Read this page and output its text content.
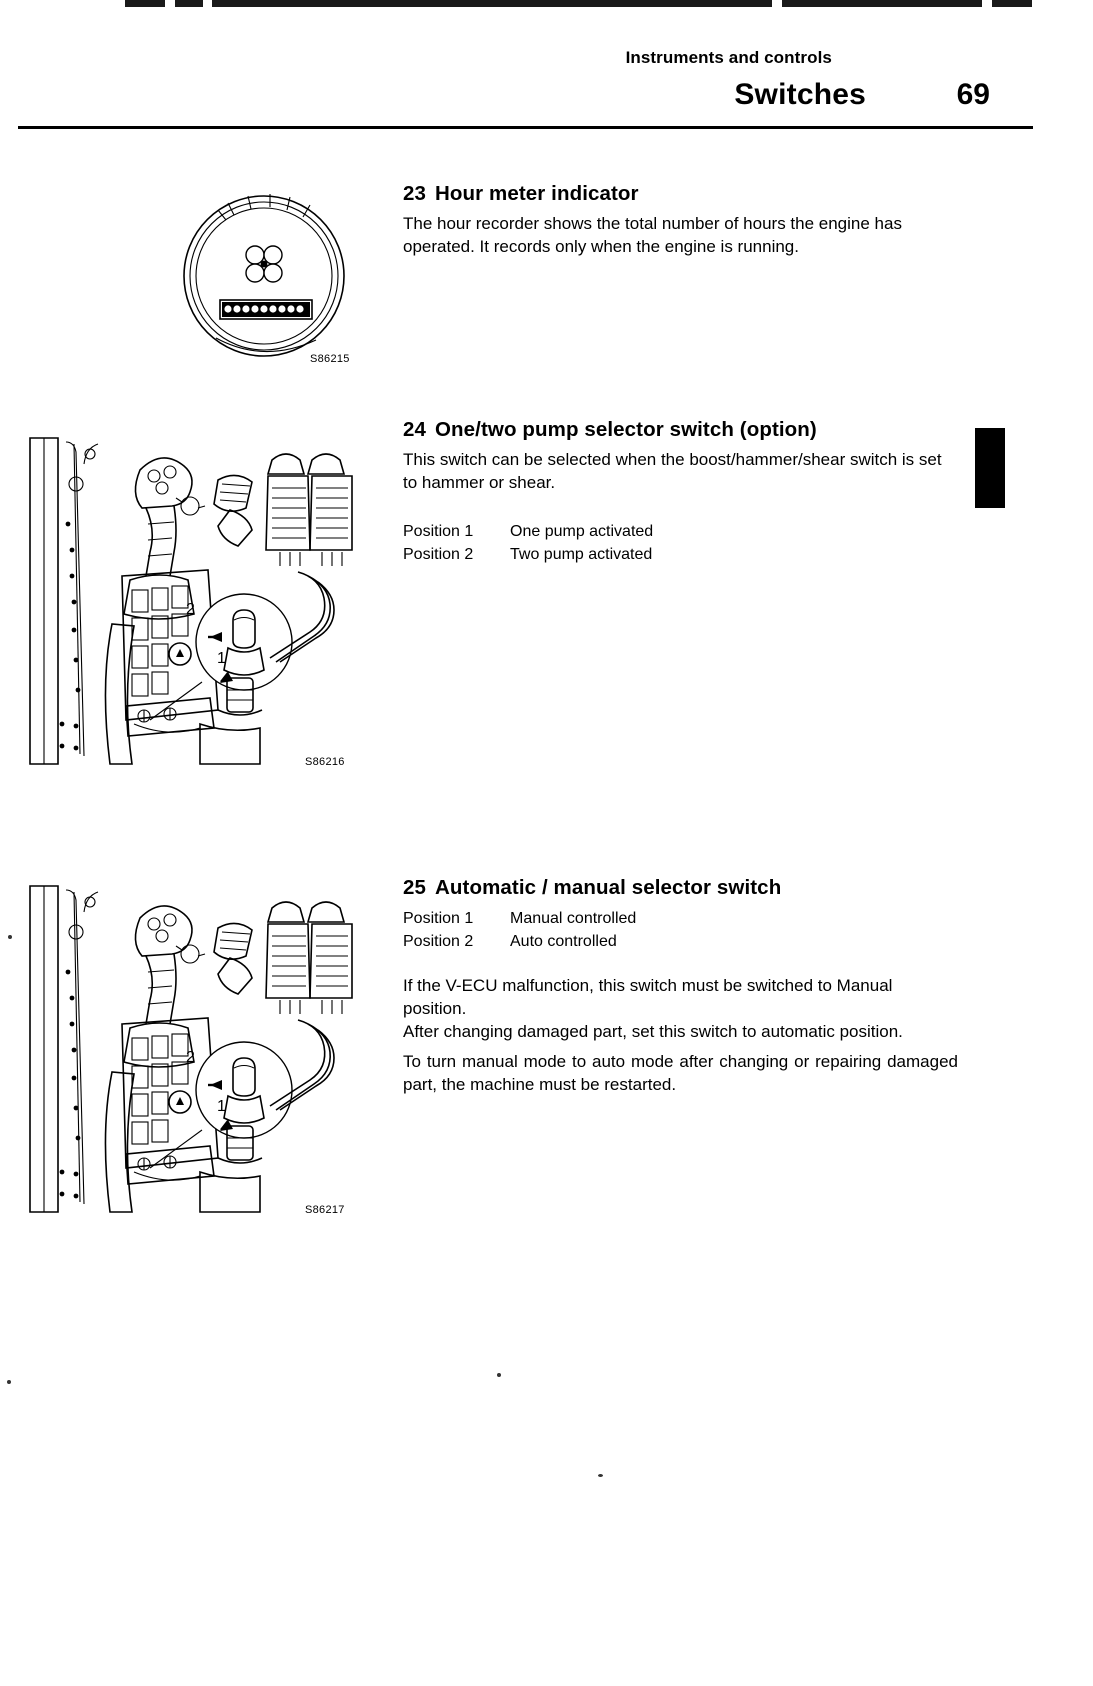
Instruments and controls
Switches	69
S86215
23 Hour meter indicator

The hour recorder shows the total number of hours the engine has operated. It records only when the engine is running.

S86216
24 One/two pump selector switch (option)

This switch can be selected when the boost/hammer/shear switch is set to hammer or shear.

Position 1	One pump activated
Position 2	Two pump activated
S86217
2
1
2
1
25 Automatic / manual selector switch
Position 1	Manual controlled
Position 2	Auto controlled

If the V-ECU malfunction, this switch must be switched to Manual position.

After changing damaged part, set this switch to automatic position.

To turn manual mode to auto mode after changing or repairing damaged part, the machine must be restarted.
